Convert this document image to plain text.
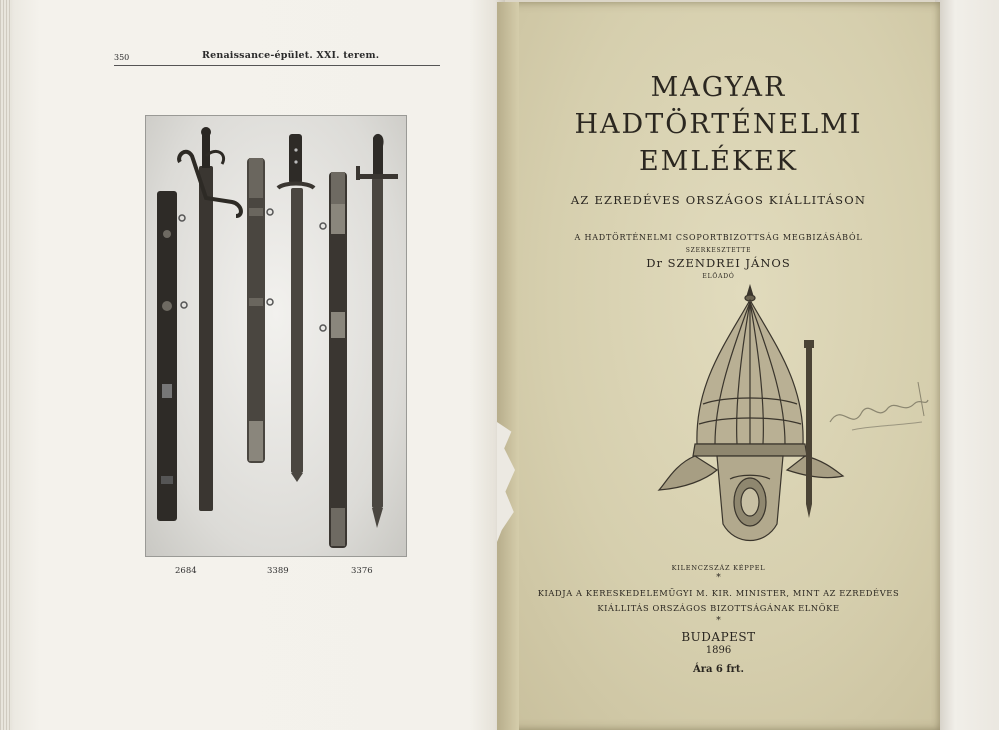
350	Renaissance-épület. XXI. terem.
2684	3389	3376
MAGYAR
HADTÖRTÉNELMI
EMLÉKEK
AZ EZREDÉVES ORSZÁGOS KIÁLLITÁSON
A HADTÖRTÉNELMI CSOPORTBIZOTTSÁG MEGBIZÁSÁBÓL
SZERKESZTETTE
Dr SZENDREI JÁNOS
ELŐADÓ
KILENCZSZÁZ KÉPPEL
*
KIADJA A KERESKEDELEMÜGYI M. KIR. MINISTER, MINT AZ EZREDÉVES
KIÁLLITÁS ORSZÁGOS BIZOTTSÁGÁNAK ELNÖKE
*
BUDAPEST
1896
Ára 6 frt.
